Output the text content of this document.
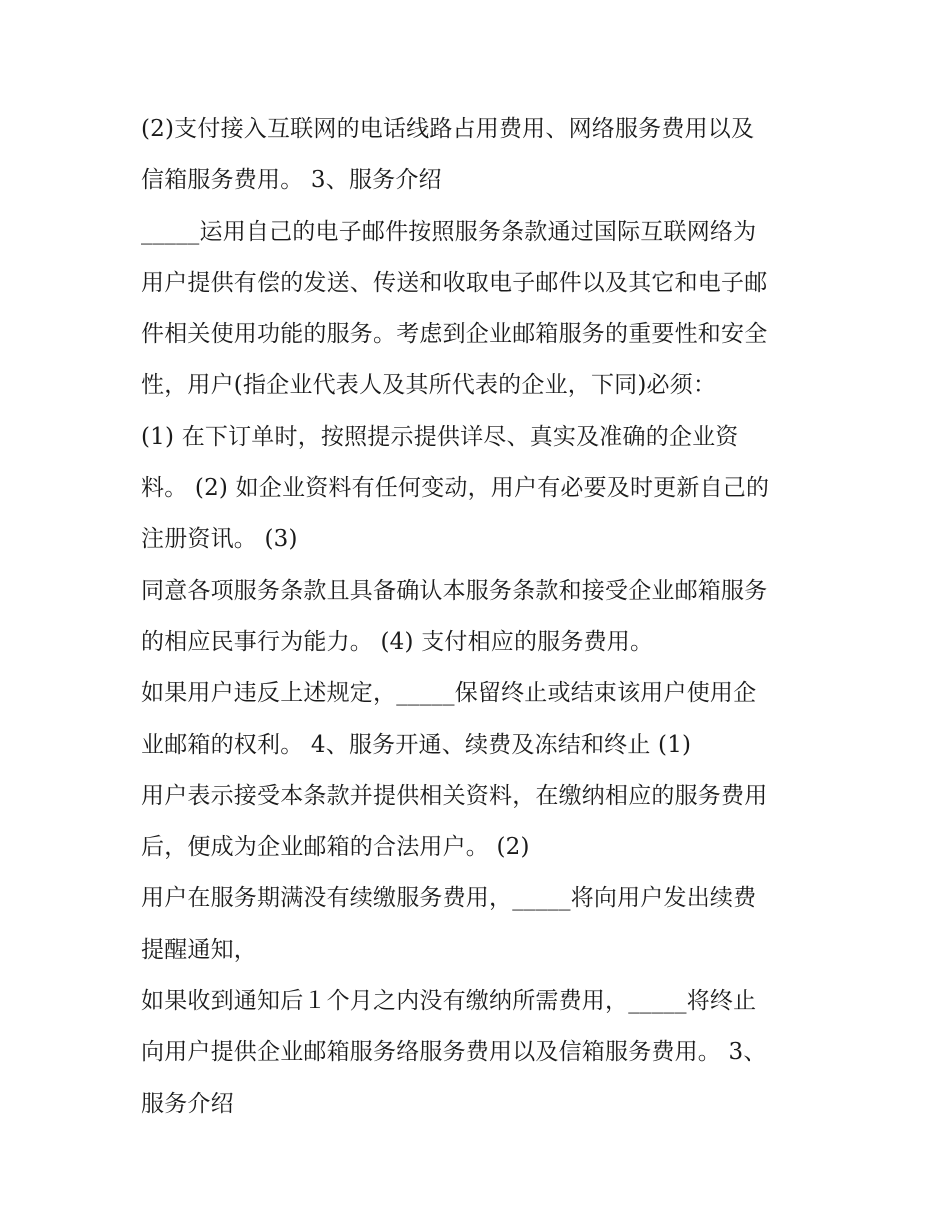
(2)支付接入互联网的电话线路占用费用、网络服务费用以及
信箱服务费用。 3、服务介绍
_____运用自己的电子邮件按照服务条款通过国际互联网络为
用户提供有偿的发送、传送和收取电子邮件以及其它和电子邮
件相关使用功能的服务。考虑到企业邮箱服务的重要性和安全
性，用户(指企业代表人及其所代表的企业，下同)必须：
(1) 在下订单时，按照提示提供详尽、真实及准确的企业资
料。 (2) 如企业资料有任何变动，用户有必要及时更新自己的
注册资讯。 (3)
同意各项服务条款且具备确认本服务条款和接受企业邮箱服务
的相应民事行为能力。 (4) 支付相应的服务费用。
如果用户违反上述规定，_____保留终止或结束该用户使用企
业邮箱的权利。 4、服务开通、续费及冻结和终止 (1)
用户表示接受本条款并提供相关资料，在缴纳相应的服务费用
后，便成为企业邮箱的合法用户。 (2)
用户在服务期满没有续缴服务费用，_____将向用户发出续费
提醒通知，
如果收到通知后１个月之内没有缴纳所需费用，_____将终止
向用户提供企业邮箱服务络服务费用以及信箱服务费用。 3、
服务介绍
